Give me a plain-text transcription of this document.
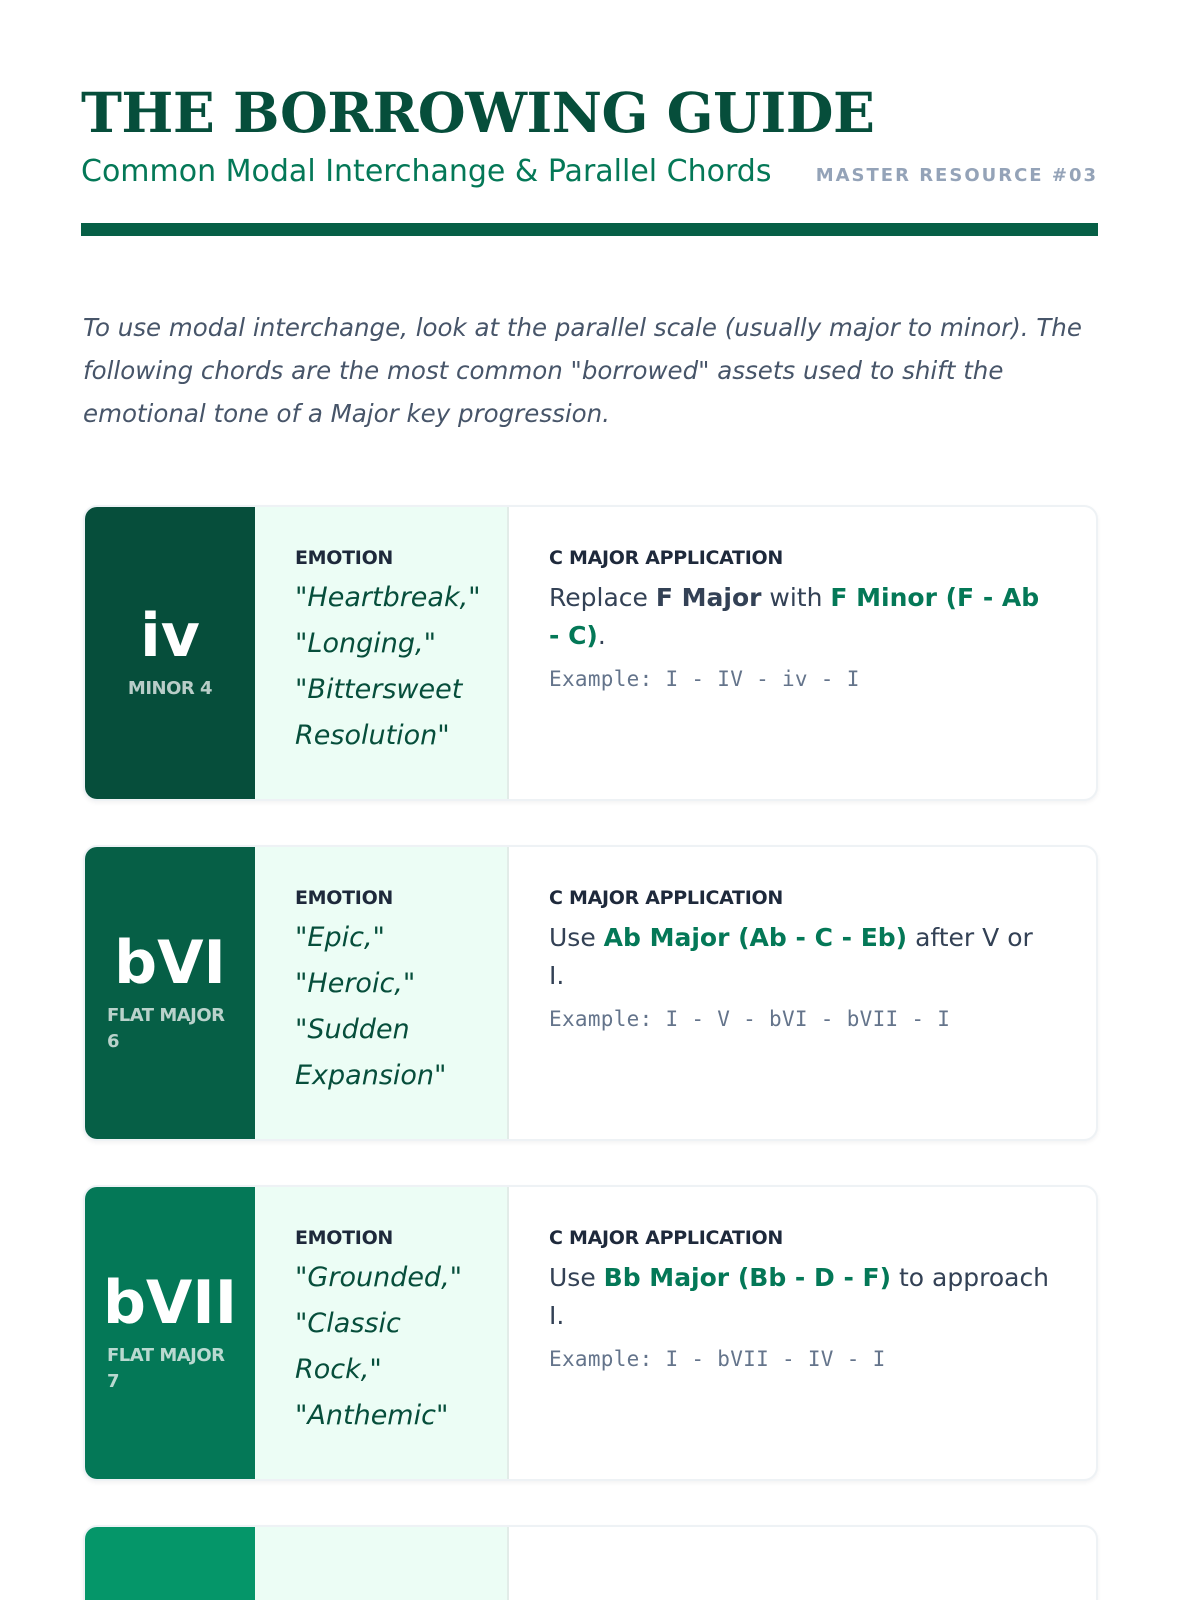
THE BORROWING GUIDE
Common Modal Interchange & Parallel Chords MASTER RESOURCE #03

To use modal interchange, look at the parallel scale (usually major to minor). The following chords are the most common "borrowed" assets used to shift the emotional tone of a Major key progression.

iv
MINOR 4
EMOTION
"Heartbreak," "Longing," "Bittersweet Resolution"
C MAJOR APPLICATION
Replace F Major with F Minor (F - Ab - C).
Example: I - IV - iv - I
bVI
FLAT MAJOR 6
EMOTION
"Epic," "Heroic," "Sudden Expansion"
C MAJOR APPLICATION
Use Ab Major (Ab - C - Eb) after V or I.
Example: I - V - bVI - bVII - I
bVII
FLAT MAJOR 7
EMOTION
"Grounded," "Classic Rock," "Anthemic"
C MAJOR APPLICATION
Use Bb Major (Bb - D - F) to approach I.
Example: I - bVII - IV - I
